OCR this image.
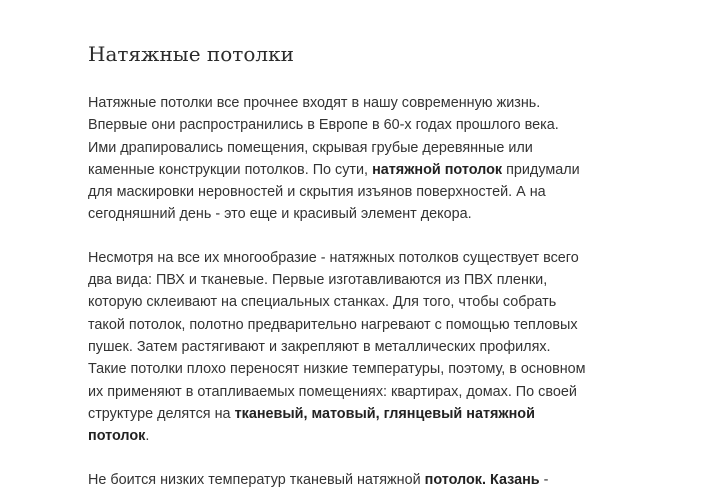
Натяжные потолки

Натяжные потолки все прочнее входят в нашу современную жизнь.
Впервые они распространились в Европе в 60-х годах прошлого века.
Ими драпировались помещения, скрывая грубые деревянные или
каменные конструкции потолков. По сути, натяжной потолок придумали
для маскировки неровностей и скрытия изъянов поверхностей. А на
сегодняшний день - это еще и красивый элемент декора.

Несмотря на все их многообразие - натяжных потолков существует всего
два вида: ПВХ и тканевые. Первые изготавливаются из ПВХ пленки,
которую склеивают на специальных станках. Для того, чтобы собрать
такой потолок, полотно предварительно нагревают с помощью тепловых
пушек. Затем растягивают и закрепляют в металлических профилях.
Такие потолки плохо переносят низкие температуры, поэтому, в основном
их применяют в отапливаемых помещениях: квартирах, домах. По своей
структуре делятся на тканевый, матовый, глянцевый натяжной
потолок.

Не боится низких температур тканевый натяжной потолок. Казань -
